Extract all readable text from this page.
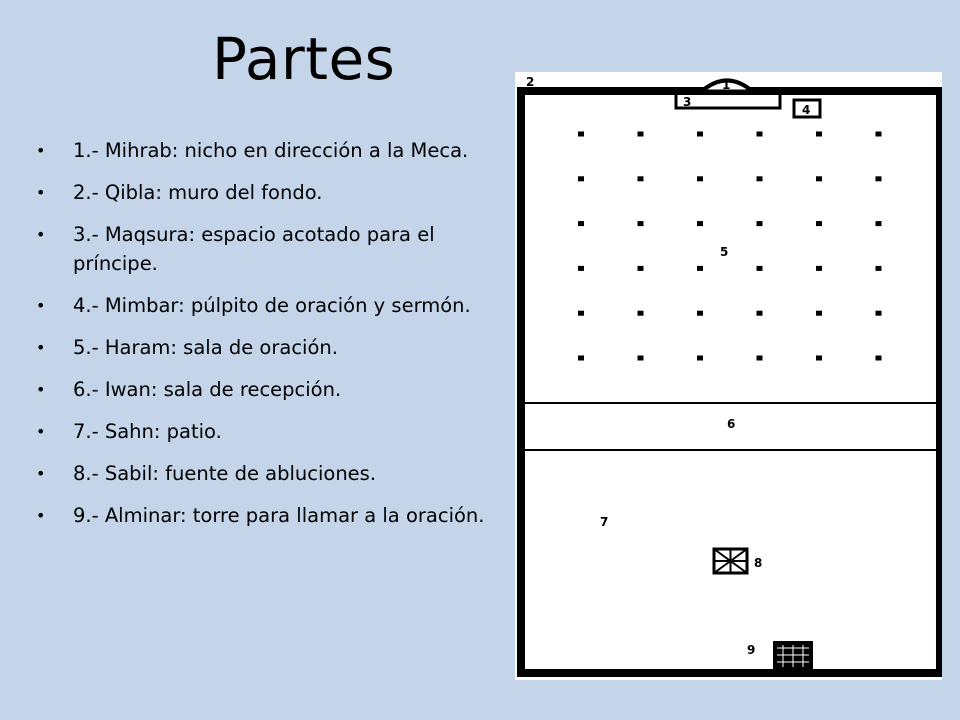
Partes
• 1.- Mihrab: nicho en dirección a la Meca.
• 2.- Qibla: muro del fondo.
• 3.- Maqsura: espacio acotado para el príncipe.
• 4.- Mimbar: púlpito de oración y sermón.
• 5.- Haram: sala de oración.
• 6.- Iwan: sala de recepción.
• 7.- Sahn: patio.
• 8.- Sabil: fuente de abluciones.
• 9.- Alminar: torre para llamar a la oración.
2	1
3
4
5
6
7
8
9
